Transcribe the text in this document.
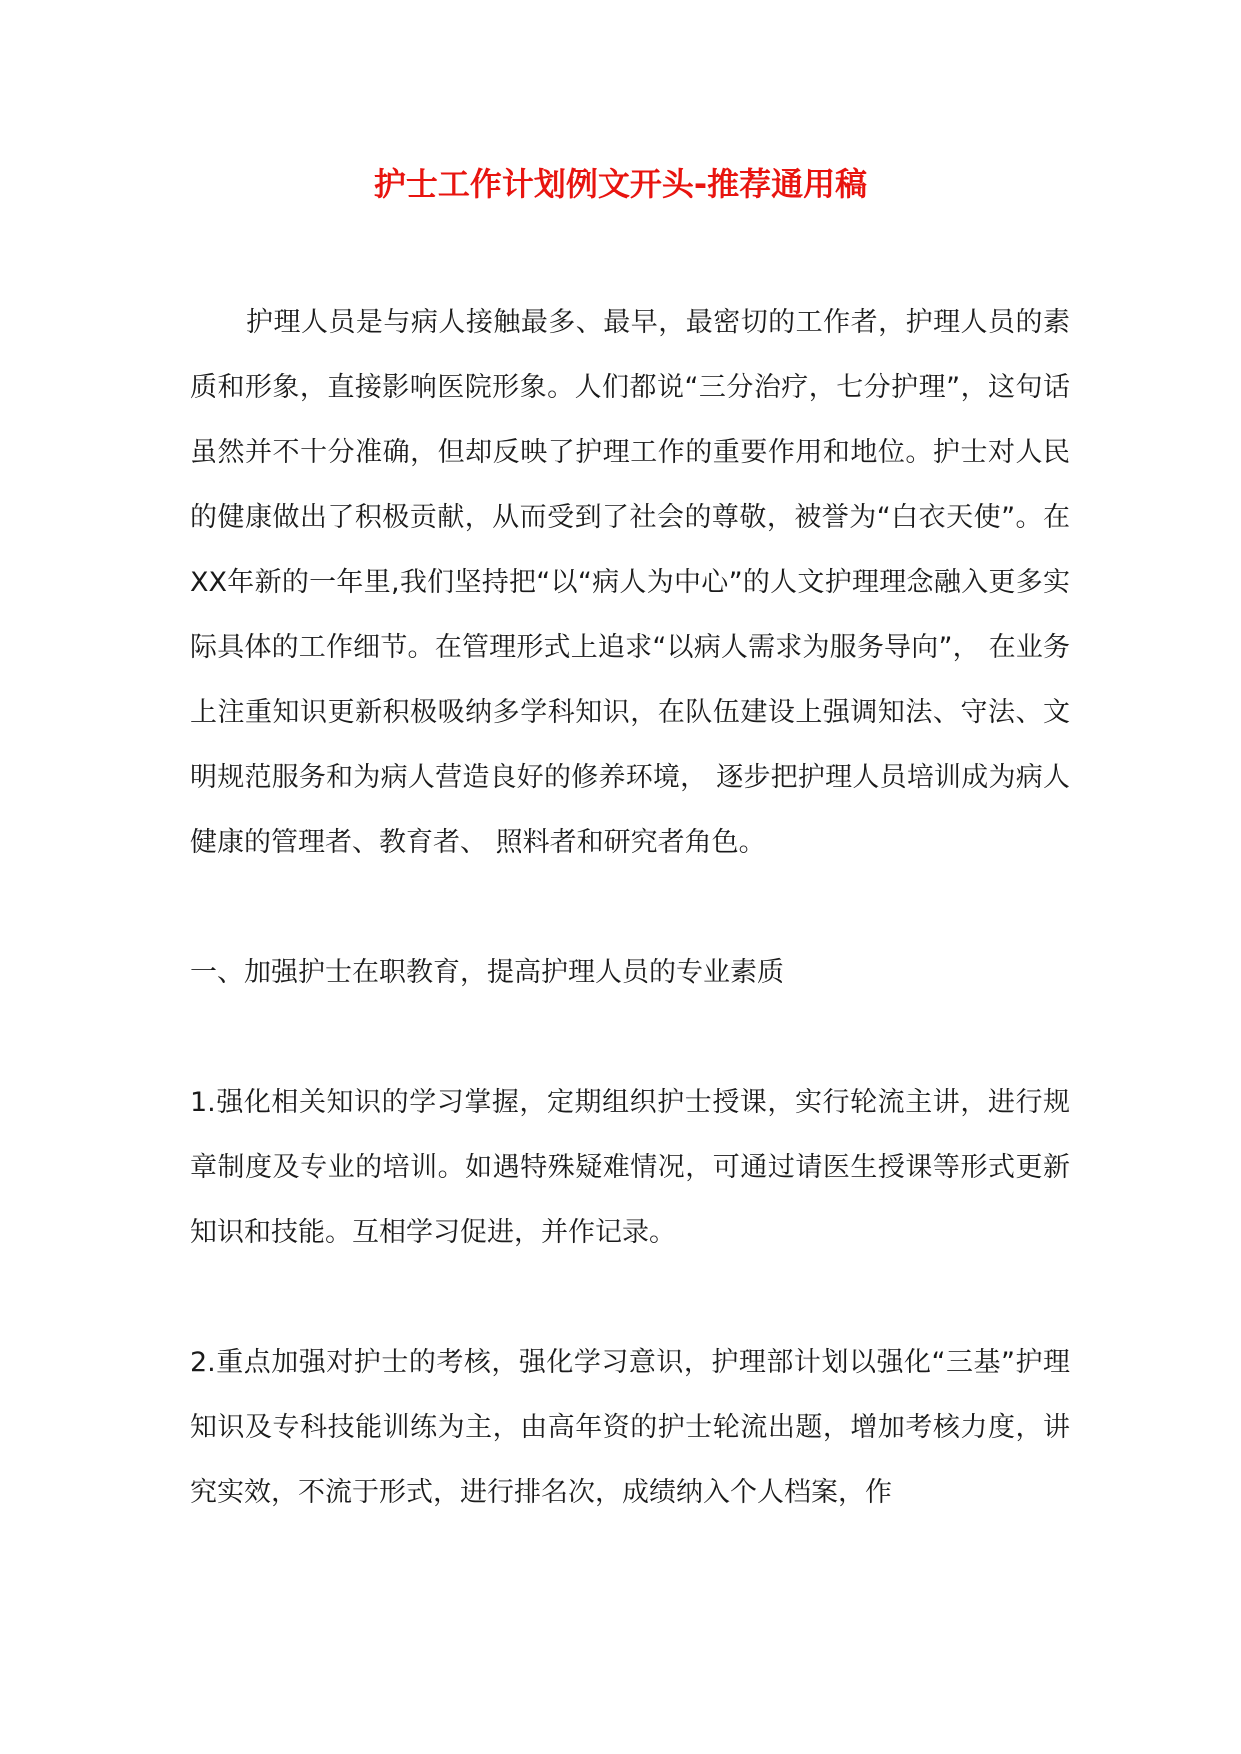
护士工作计划例文开头-推荐通用稿

护理人员是与病人接触最多、最早，最密切的工作者，护理人员的素质和形象，直接影响医院形象。人们都说“三分治疗，七分护理”，这句话虽然并不十分准确，但却反映了护理工作的重要作用和地位。护士对人民的健康做出了积极贡献，从而受到了社会的尊敬，被誉为“白衣天使”。在XX年新的一年里,我们坚持把“以“病人为中心”的人文护理理念融入更多实际具体的工作细节。在管理形式上追求“以病人需求为服务导向”， 在业务上注重知识更新积极吸纳多学科知识，在队伍建设上强调知法、守法、文明规范服务和为病人营造良好的修养环境， 逐步把护理人员培训成为病人健康的管理者、教育者、 照料者和研究者角色。

一、加强护士在职教育，提高护理人员的专业素质

1.强化相关知识的学习掌握，定期组织护士授课，实行轮流主讲，进行规章制度及专业的培训。如遇特殊疑难情况，可通过请医生授课等形式更新知识和技能。互相学习促进，并作记录。

2.重点加强对护士的考核，强化学习意识，护理部计划以强化“三基”护理知识及专科技能训练为主，由高年资的护士轮流出题，增加考核力度，讲究实效，不流于形式，进行排名次，成绩纳入个人档案，作
